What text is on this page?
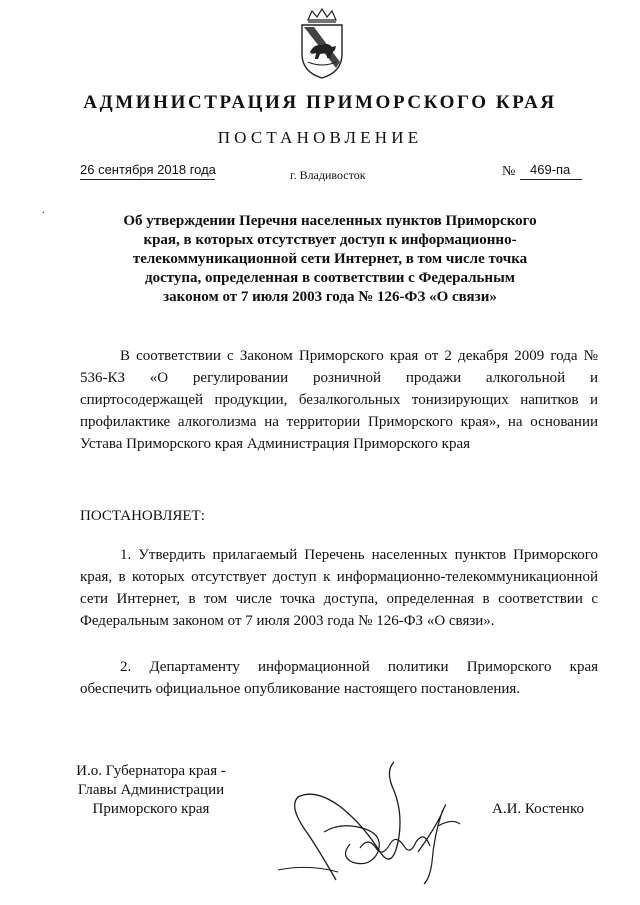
АДМИНИСТРАЦИЯ ПРИМОРСКОГО КРАЯ
ПОСТАНОВЛЕНИЕ
26 сентября 2018 года	г. Владивосток	№ 469-па
.
Об утверждении Перечня населенных пунктов Приморского
края, в которых отсутствует доступ к информационно-
телекоммуникационной сети Интернет, в том числе точка
доступа, определенная в соответствии с Федеральным
законом от 7 июля 2003 года № 126-ФЗ «О связи»
В соответствии с Законом Приморского края от 2 декабря 2009 года № 536-КЗ «О регулировании розничной продажи алкогольной и спиртосодержащей продукции, безалкогольных тонизирующих напитков и профилактике алкоголизма на территории Приморского края», на основании Устава Приморского края Администрация Приморского края
ПОСТАНОВЛЯЕТ:
1. Утвердить прилагаемый Перечень населенных пунктов Приморского края, в которых отсутствует доступ к информационно-телекоммуникационной сети Интернет, в том числе точка доступа, определенная в соответствии с Федеральным законом от 7 июля 2003 года № 126-ФЗ «О связи».
2. Департаменту информационной политики Приморского края обеспечить официальное опубликование настоящего постановления.
И.о. Губернатора края -
Главы Администрации
Приморского края	А.И. Костенко
